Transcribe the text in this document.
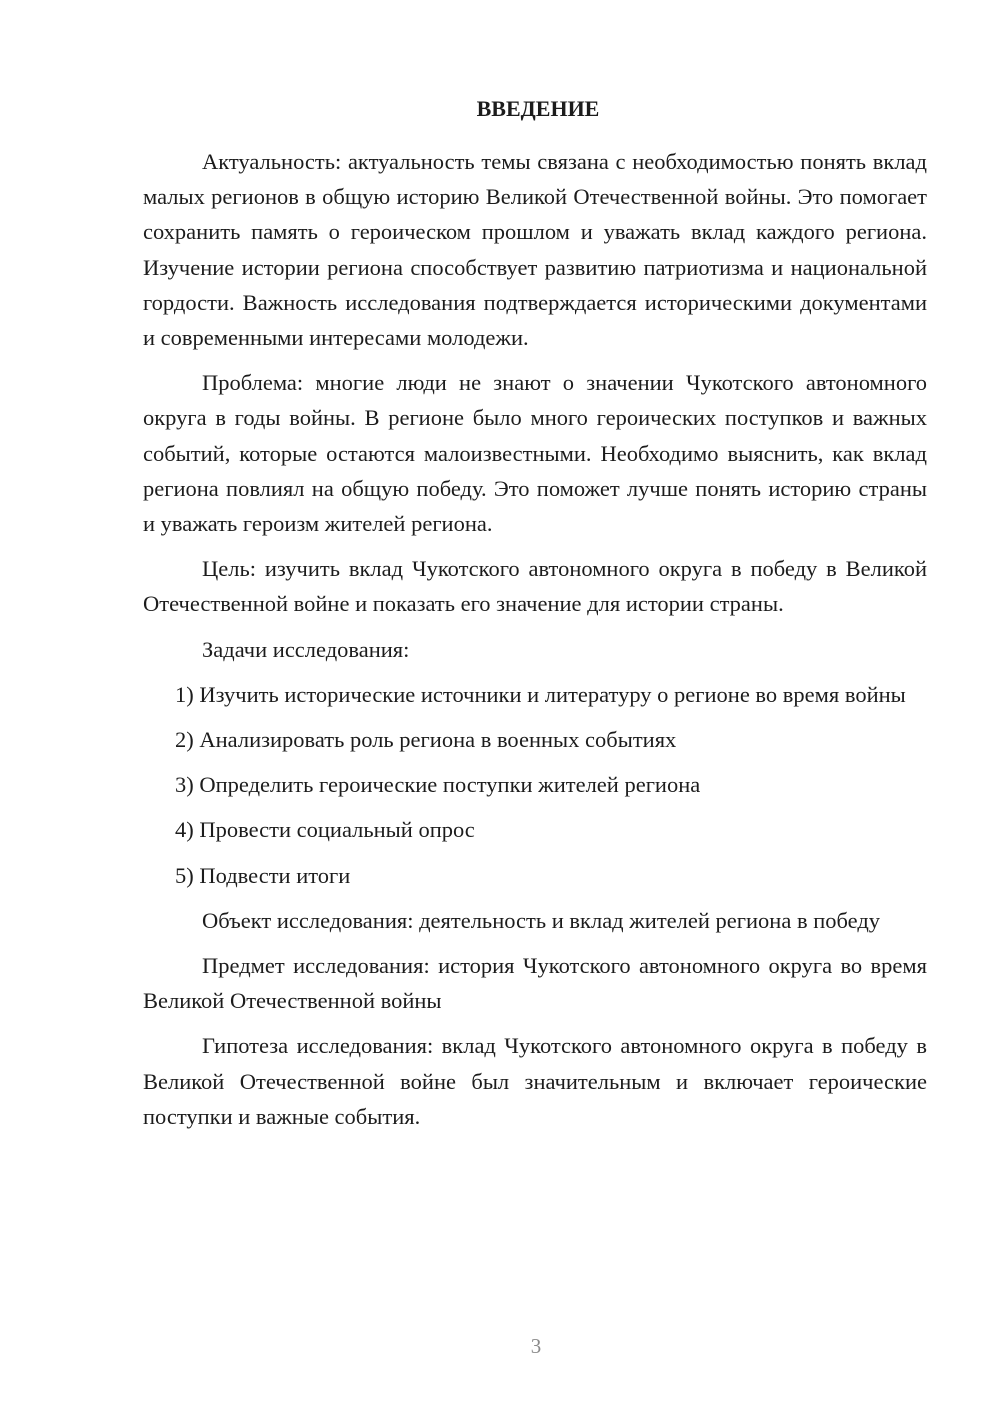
ВВЕДЕНИЕ

Актуальность: актуальность темы связана с необходимостью понять вклад малых регионов в общую историю Великой Отечественной войны. Это помогает сохранить память о героическом прошлом и уважать вклад каждого региона. Изучение истории региона способствует развитию патриотизма и национальной гордости. Важность исследования подтверждается историческими документами и современными интересами молодежи.

Проблема: многие люди не знают о значении Чукотского автономного округа в годы войны. В регионе было много героических поступков и важных событий, которые остаются малоизвестными. Необходимо выяснить, как вклад региона повлиял на общую победу. Это поможет лучше понять историю страны и уважать героизм жителей региона.

Цель: изучить вклад Чукотского автономного округа в победу в Великой Отечественной войне и показать его значение для истории страны.

Задачи исследования:

1) Изучить исторические источники и литературу о регионе во время войны

2) Анализировать роль региона в военных событиях

3) Определить героические поступки жителей региона

4) Провести социальный опрос

5) Подвести итоги

Объект исследования: деятельность и вклад жителей региона в победу

Предмет исследования: история Чукотского автономного округа во время Великой Отечественной войны

Гипотеза исследования: вклад Чукотского автономного округа в победу в Великой Отечественной войне был значительным и включает героические поступки и важные события.

3
